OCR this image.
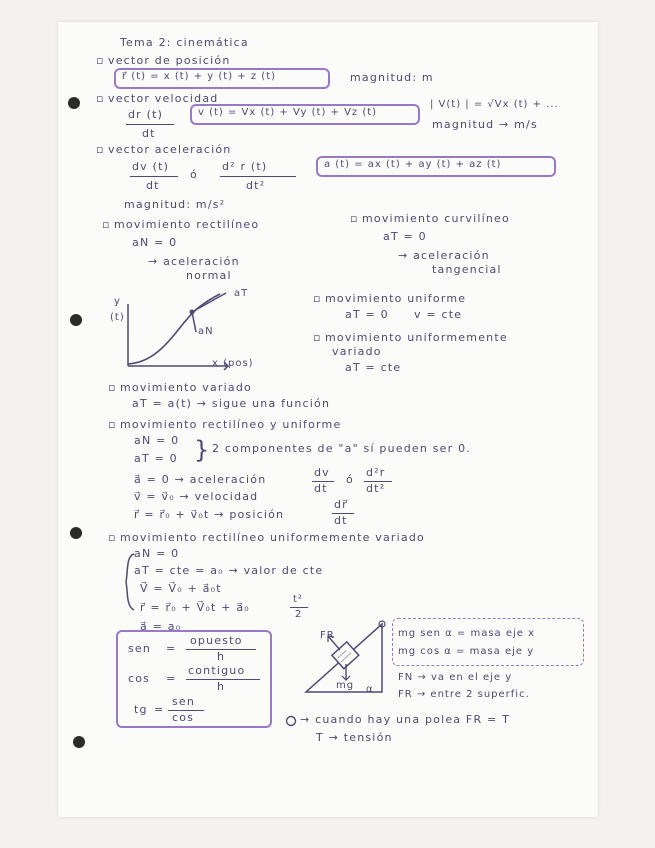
Tema 2: cinemática
▫ vector de posición
r⃗ (t) = x (t) + y (t) + z (t)	magnitud: m
▫ vector velocidad
dr (t)
dt
v (t) = Vx (t) + Vy (t) + Vz (t)
| V(t) | = √Vx (t) + ...
magnitud → m/s
▫ vector aceleración
dv (t)
dt
ó
d² r (t)
dt²
a (t) = ax (t) + ay (t) + az (t)
magnitud: m/s²
▫ movimiento rectilíneo
aN = 0
→ aceleración
normal
▫ movimiento curvilíneo
aT = 0
→ aceleración
tangencial
y
(t)
aT
aN
x (pos)
▫ movimiento uniforme
aT = 0 v = cte
▫ movimiento uniformemente
variado
aT = cte
▫ movimiento variado
aT = a(t) → sigue una función
▫ movimiento rectilíneo y uniforme
aN = 0
aT = 0 } 2 componentes de "a" sí pueden ser 0.
a⃗ = 0 → aceleración
dv
dt
ó
d²r
dt²
v⃗ = v⃗₀ → velocidad
r⃗ = r⃗₀ + v⃗₀t → posición
dr⃗
dt
▫ movimiento rectilíneo uniformemente variado
aN = 0
aT = cte = a₀ → valor de cte
V⃗ = V⃗₀ + a⃗₀t
r⃗ = r⃗₀ + V⃗₀t + a⃗₀
t²
2
a⃗ = a₀
sen =
opuesto
h
cos =
contiguo
h
tg =
sen
cos
FR
mg α
mg sen α = masa eje x
mg cos α = masa eje y
FN → va en el eje y
FR → entre 2 superfic.
→ cuando hay una polea FR = T
T → tensión
